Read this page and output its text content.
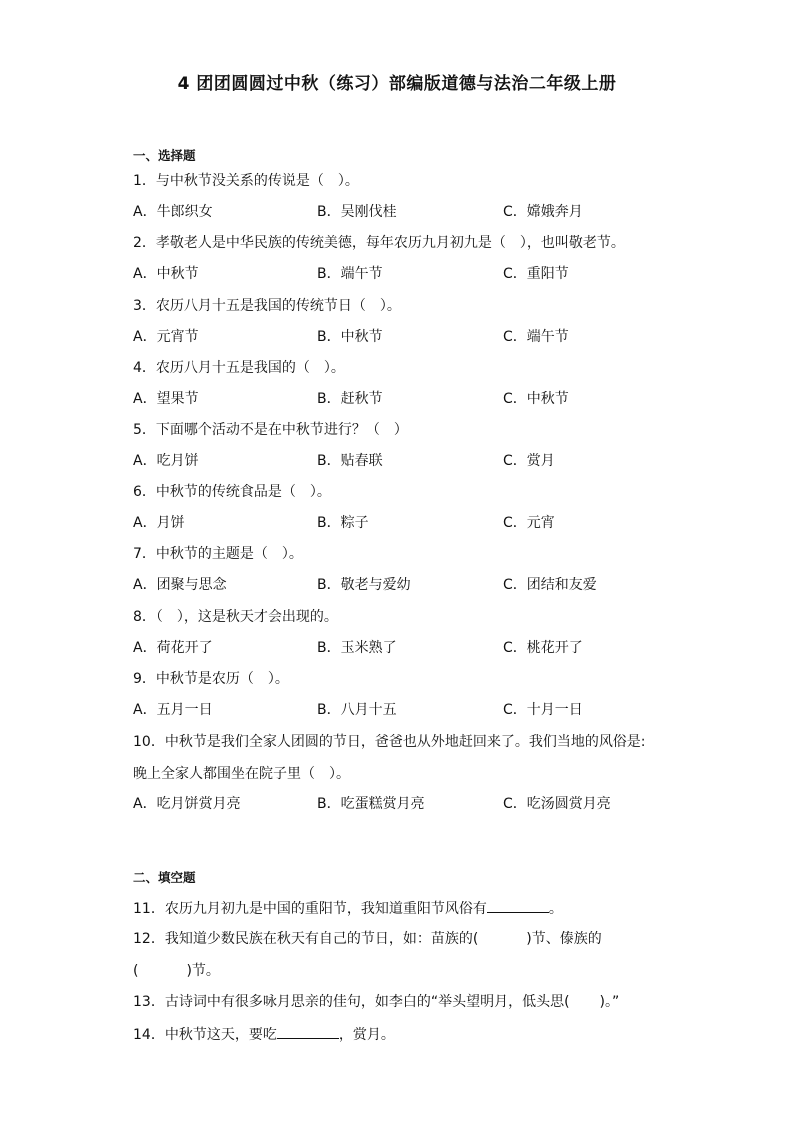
4 团团圆圆过中秋（练习）部编版道德与法治二年级上册
一、选择题
1．与中秋节没关系的传说是（　）。
A．牛郎织女	B．吴刚伐桂	C．嫦娥奔月
2．孝敬老人是中华民族的传统美德，每年农历九月初九是（　），也叫敬老节。
A．中秋节	B．端午节	C．重阳节
3．农历八月十五是我国的传统节日（　）。
A．元宵节	B．中秋节	C．端午节
4．农历八月十五是我国的（　）。
A．望果节	B．赶秋节	C．中秋节
5．下面哪个活动不是在中秋节进行？（　）
A．吃月饼	B．贴春联	C．赏月
6．中秋节的传统食品是（　）。
A．月饼	B．粽子	C．元宵
7．中秋节的主题是（　）。
A．团聚与思念	B．敬老与爱幼	C．团结和友爱
8．（　），这是秋天才会出现的。
A．荷花开了	B．玉米熟了	C．桃花开了
9．中秋节是农历（　）。
A．五月一日	B．八月十五	C．十月一日
10．中秋节是我们全家人团圆的节日，爸爸也从外地赶回来了。我们当地的风俗是: 晚上全家人都围坐在院子里（　）。
A．吃月饼赏月亮	B．吃蛋糕赏月亮	C．吃汤圆赏月亮
二、填空题
11．农历九月初九是中国的重阳节，我知道重阳节风俗有	。
12．我知道少数民族在秋天有自己的节日，如：苗族的(	)节、傣族的
(	)节。
13．古诗词中有很多咏月思亲的佳句，如李白的“举头望明月，低头思( )。”
14．中秋节这天，要吃	，赏月。
